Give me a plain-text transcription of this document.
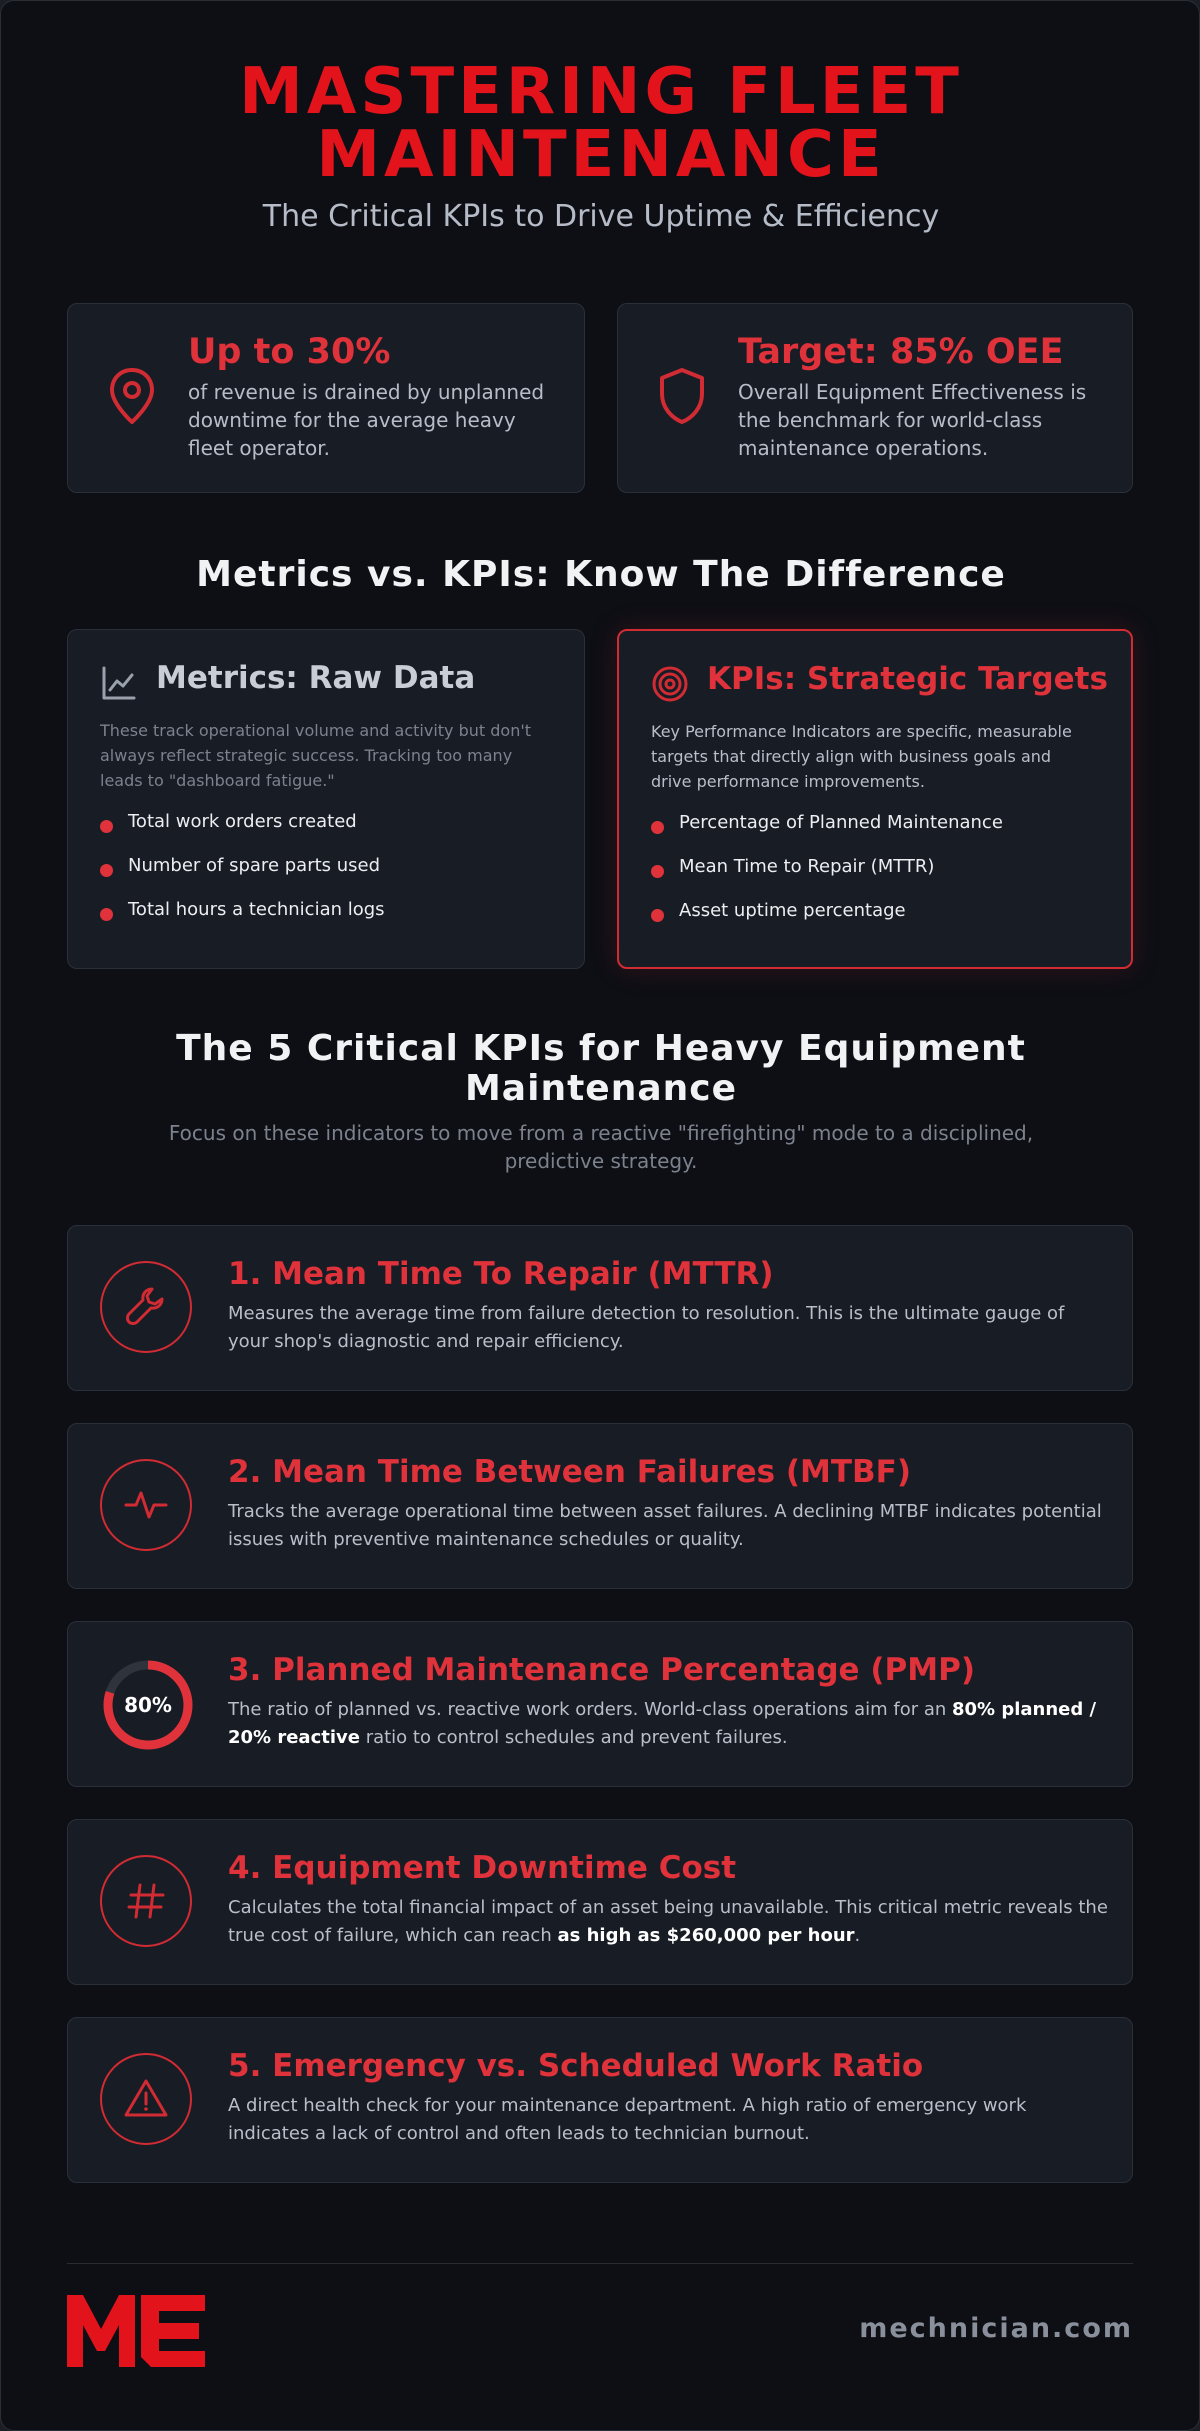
MASTERING FLEET
MAINTENANCE

The Critical KPIs to Drive Uptime & Efficiency

Up to 30%

of revenue is drained by unplanned downtime for the average heavy fleet operator.

Target: 85% OEE

Overall Equipment Effectiveness is the benchmark for world-class maintenance operations.

Metrics vs. KPIs: Know The Difference

Metrics: Raw Data

These track operational volume and activity but don't always reflect strategic success. Tracking too many leads to "dashboard fatigue."

Total work orders created
Number of spare parts used
Total hours a technician logs

KPIs: Strategic Targets

Key Performance Indicators are specific, measurable targets that directly align with business goals and drive performance improvements.

Percentage of Planned Maintenance
Mean Time to Repair (MTTR)
Asset uptime percentage
The 5 Critical KPIs for Heavy Equipment
Maintenance

Focus on these indicators to move from a reactive "firefighting" mode to a disciplined,
predictive strategy.

1. Mean Time To Repair (MTTR)

Measures the average time from failure detection to resolution. This is the ultimate gauge of your shop's diagnostic and repair efficiency.

2. Mean Time Between Failures (MTBF)

Tracks the average operational time between asset failures. A declining MTBF indicates potential issues with preventive maintenance schedules or quality.

80%

3. Planned Maintenance Percentage (PMP)

The ratio of planned vs. reactive work orders. World-class operations aim for an 80% planned / 20% reactive ratio to control schedules and prevent failures.

4. Equipment Downtime Cost

Calculates the total financial impact of an asset being unavailable. This critical metric reveals the true cost of failure, which can reach as high as $260,000 per hour.

5. Emergency vs. Scheduled Work Ratio

A direct health check for your maintenance department. A high ratio of emergency work indicates a lack of control and often leads to technician burnout.

mechnician.com
